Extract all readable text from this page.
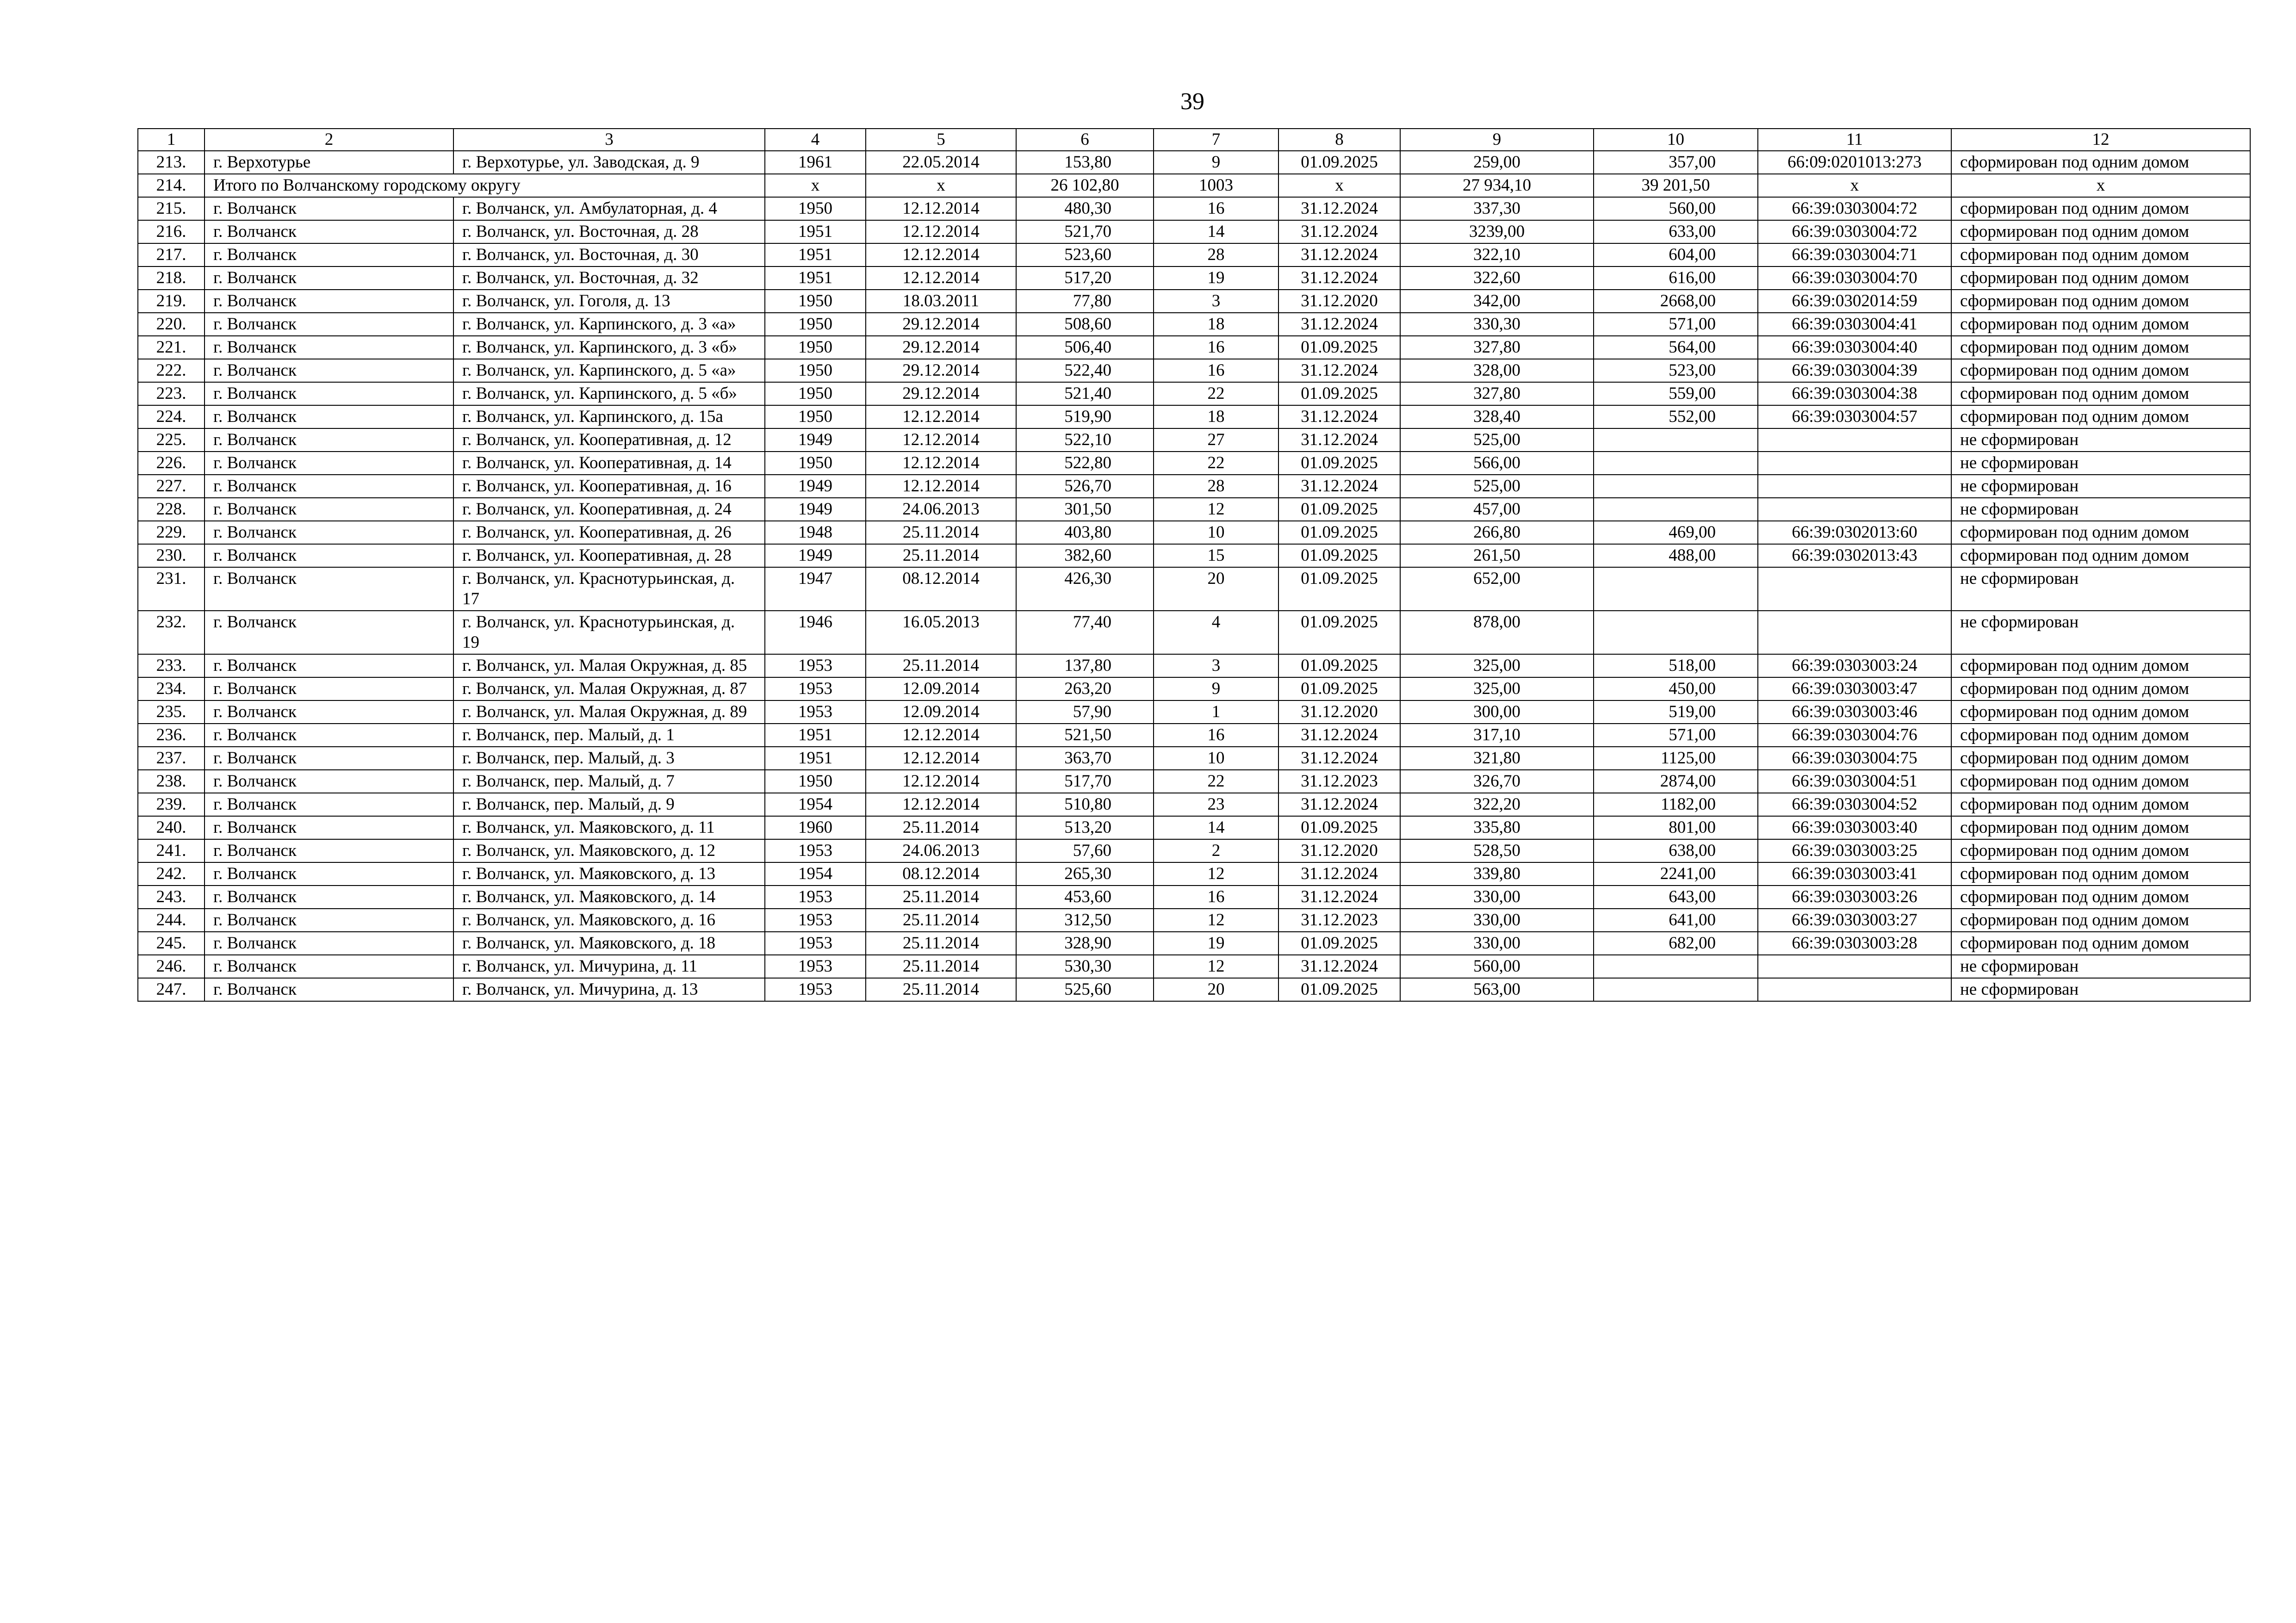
39
1	2	3	4	5	6	7	8	9	10	11	12
213.	г. Верхотурье	г. Верхотурье, ул. Заводская, д. 9	1961	22.05.2014	153,80	9	01.09.2025	259,00	357,00	66:09:0201013:273	сформирован под одним домом
214.	Итого по Волчанскому городскому округу		х	х	26 102,80	1003	х	27 934,10	39 201,50	х	х
215.	г. Волчанск	г. Волчанск, ул. Амбулаторная, д. 4	1950	12.12.2014	480,30	16	31.12.2024	337,30	560,00	66:39:0303004:72	сформирован под одним домом
216.	г. Волчанск	г. Волчанск, ул. Восточная, д. 28	1951	12.12.2014	521,70	14	31.12.2024	3239,00	633,00	66:39:0303004:72	сформирован под одним домом
217.	г. Волчанск	г. Волчанск, ул. Восточная, д. 30	1951	12.12.2014	523,60	28	31.12.2024	322,10	604,00	66:39:0303004:71	сформирован под одним домом
218.	г. Волчанск	г. Волчанск, ул. Восточная, д. 32	1951	12.12.2014	517,20	19	31.12.2024	322,60	616,00	66:39:0303004:70	сформирован под одним домом
219.	г. Волчанск	г. Волчанск, ул. Гоголя, д. 13	1950	18.03.2011	77,80	3	31.12.2020	342,00	2668,00	66:39:0302014:59	сформирован под одним домом
220.	г. Волчанск	г. Волчанск, ул. Карпинского, д. 3 «а»	1950	29.12.2014	508,60	18	31.12.2024	330,30	571,00	66:39:0303004:41	сформирован под одним домом
221.	г. Волчанск	г. Волчанск, ул. Карпинского, д. 3 «б»	1950	29.12.2014	506,40	16	01.09.2025	327,80	564,00	66:39:0303004:40	сформирован под одним домом
222.	г. Волчанск	г. Волчанск, ул. Карпинского, д. 5 «а»	1950	29.12.2014	522,40	16	31.12.2024	328,00	523,00	66:39:0303004:39	сформирован под одним домом
223.	г. Волчанск	г. Волчанск, ул. Карпинского, д. 5 «б»	1950	29.12.2014	521,40	22	01.09.2025	327,80	559,00	66:39:0303004:38	сформирован под одним домом
224.	г. Волчанск	г. Волчанск, ул. Карпинского, д. 15а	1950	12.12.2014	519,90	18	31.12.2024	328,40	552,00	66:39:0303004:57	сформирован под одним домом
225.	г. Волчанск	г. Волчанск, ул. Кооперативная, д. 12	1949	12.12.2014	522,10	27	31.12.2024	525,00			не сформирован
226.	г. Волчанск	г. Волчанск, ул. Кооперативная, д. 14	1950	12.12.2014	522,80	22	01.09.2025	566,00			не сформирован
227.	г. Волчанск	г. Волчанск, ул. Кооперативная, д. 16	1949	12.12.2014	526,70	28	31.12.2024	525,00			не сформирован
228.	г. Волчанск	г. Волчанск, ул. Кооперативная, д. 24	1949	24.06.2013	301,50	12	01.09.2025	457,00			не сформирован
229.	г. Волчанск	г. Волчанск, ул. Кооперативная, д. 26	1948	25.11.2014	403,80	10	01.09.2025	266,80	469,00	66:39:0302013:60	сформирован под одним домом
230.	г. Волчанск	г. Волчанск, ул. Кооперативная, д. 28	1949	25.11.2014	382,60	15	01.09.2025	261,50	488,00	66:39:0302013:43	сформирован под одним домом
231.	г. Волчанск	г. Волчанск, ул. Краснотурьинская, д. 17	1947	08.12.2014	426,30	20	01.09.2025	652,00			не сформирован
232.	г. Волчанск	г. Волчанск, ул. Краснотурьинская, д. 19	1946	16.05.2013	77,40	4	01.09.2025	878,00			не сформирован
233.	г. Волчанск	г. Волчанск, ул. Малая Окружная, д. 85	1953	25.11.2014	137,80	3	01.09.2025	325,00	518,00	66:39:0303003:24	сформирован под одним домом
234.	г. Волчанск	г. Волчанск, ул. Малая Окружная, д. 87	1953	12.09.2014	263,20	9	01.09.2025	325,00	450,00	66:39:0303003:47	сформирован под одним домом
235.	г. Волчанск	г. Волчанск, ул. Малая Окружная, д. 89	1953	12.09.2014	57,90	1	31.12.2020	300,00	519,00	66:39:0303003:46	сформирован под одним домом
236.	г. Волчанск	г. Волчанск, пер. Малый, д. 1	1951	12.12.2014	521,50	16	31.12.2024	317,10	571,00	66:39:0303004:76	сформирован под одним домом
237.	г. Волчанск	г. Волчанск, пер. Малый, д. 3	1951	12.12.2014	363,70	10	31.12.2024	321,80	1125,00	66:39:0303004:75	сформирован под одним домом
238.	г. Волчанск	г. Волчанск, пер. Малый, д. 7	1950	12.12.2014	517,70	22	31.12.2023	326,70	2874,00	66:39:0303004:51	сформирован под одним домом
239.	г. Волчанск	г. Волчанск, пер. Малый, д. 9	1954	12.12.2014	510,80	23	31.12.2024	322,20	1182,00	66:39:0303004:52	сформирован под одним домом
240.	г. Волчанск	г. Волчанск, ул. Маяковского, д. 11	1960	25.11.2014	513,20	14	01.09.2025	335,80	801,00	66:39:0303003:40	сформирован под одним домом
241.	г. Волчанск	г. Волчанск, ул. Маяковского, д. 12	1953	24.06.2013	57,60	2	31.12.2020	528,50	638,00	66:39:0303003:25	сформирован под одним домом
242.	г. Волчанск	г. Волчанск, ул. Маяковского, д. 13	1954	08.12.2014	265,30	12	31.12.2024	339,80	2241,00	66:39:0303003:41	сформирован под одним домом
243.	г. Волчанск	г. Волчанск, ул. Маяковского, д. 14	1953	25.11.2014	453,60	16	31.12.2024	330,00	643,00	66:39:0303003:26	сформирован под одним домом
244.	г. Волчанск	г. Волчанск, ул. Маяковского, д. 16	1953	25.11.2014	312,50	12	31.12.2023	330,00	641,00	66:39:0303003:27	сформирован под одним домом
245.	г. Волчанск	г. Волчанск, ул. Маяковского, д. 18	1953	25.11.2014	328,90	19	01.09.2025	330,00	682,00	66:39:0303003:28	сформирован под одним домом
246.	г. Волчанск	г. Волчанск, ул. Мичурина, д. 11	1953	25.11.2014	530,30	12	31.12.2024	560,00			не сформирован
247.	г. Волчанск	г. Волчанск, ул. Мичурина, д. 13	1953	25.11.2014	525,60	20	01.09.2025	563,00			не сформирован
